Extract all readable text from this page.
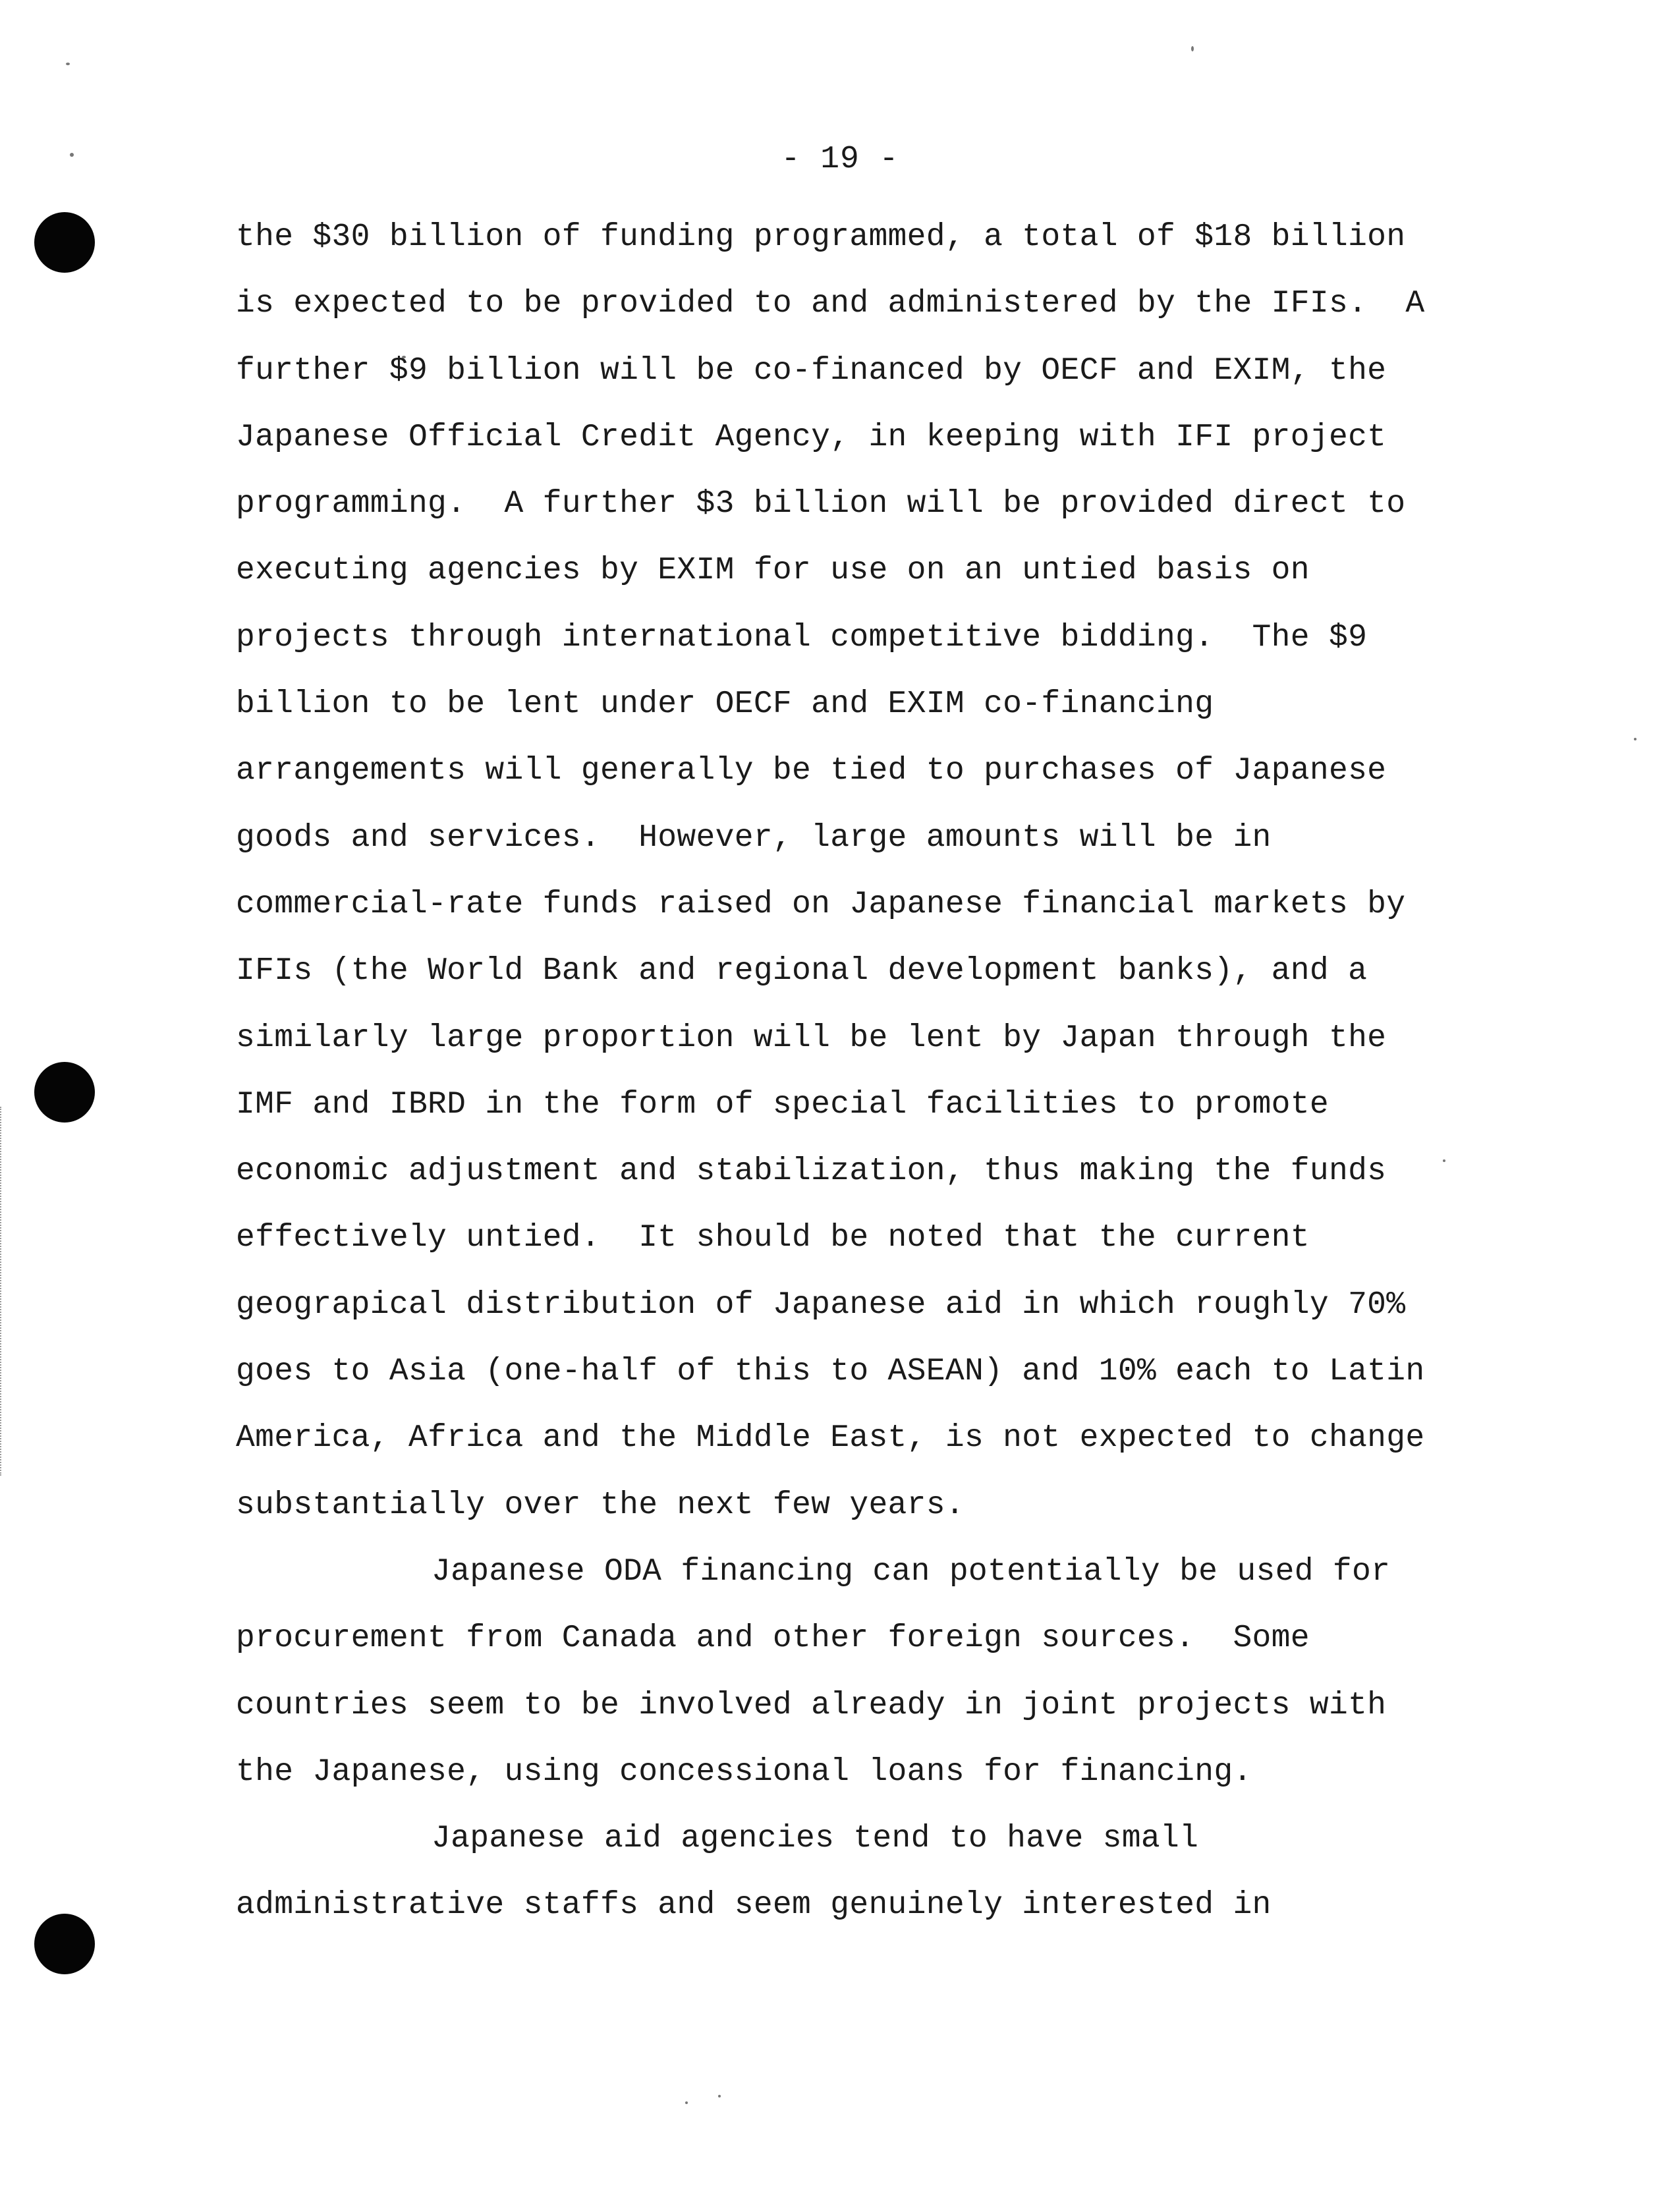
- 19 -
the $30 billion of funding programmed, a total of $18 billion
is expected to be provided to and administered by the IFIs.  A
further $9 billion will be co-financed by OECF and EXIM, the
Japanese Official Credit Agency, in keeping with IFI project
programming.  A further $3 billion will be provided direct to
executing agencies by EXIM for use on an untied basis on
projects through international competitive bidding.  The $9
billion to be lent under OECF and EXIM co-financing
arrangements will generally be tied to purchases of Japanese
goods and services.  However, large amounts will be in
commercial-rate funds raised on Japanese financial markets by
IFIs (the World Bank and regional development banks), and a
similarly large proportion will be lent by Japan through the
IMF and IBRD in the form of special facilities to promote
economic adjustment and stabilization, thus making the funds
effectively untied.  It should be noted that the current
geograpical distribution of Japanese aid in which roughly 70%
goes to Asia (one-half of this to ASEAN) and 10% each to Latin
America, Africa and the Middle East, is not expected to change
substantially over the next few years.
Japanese ODA financing can potentially be used for
procurement from Canada and other foreign sources.  Some
countries seem to be involved already in joint projects with
the Japanese, using concessional loans for financing.
Japanese aid agencies tend to have small
administrative staffs and seem genuinely interested in
